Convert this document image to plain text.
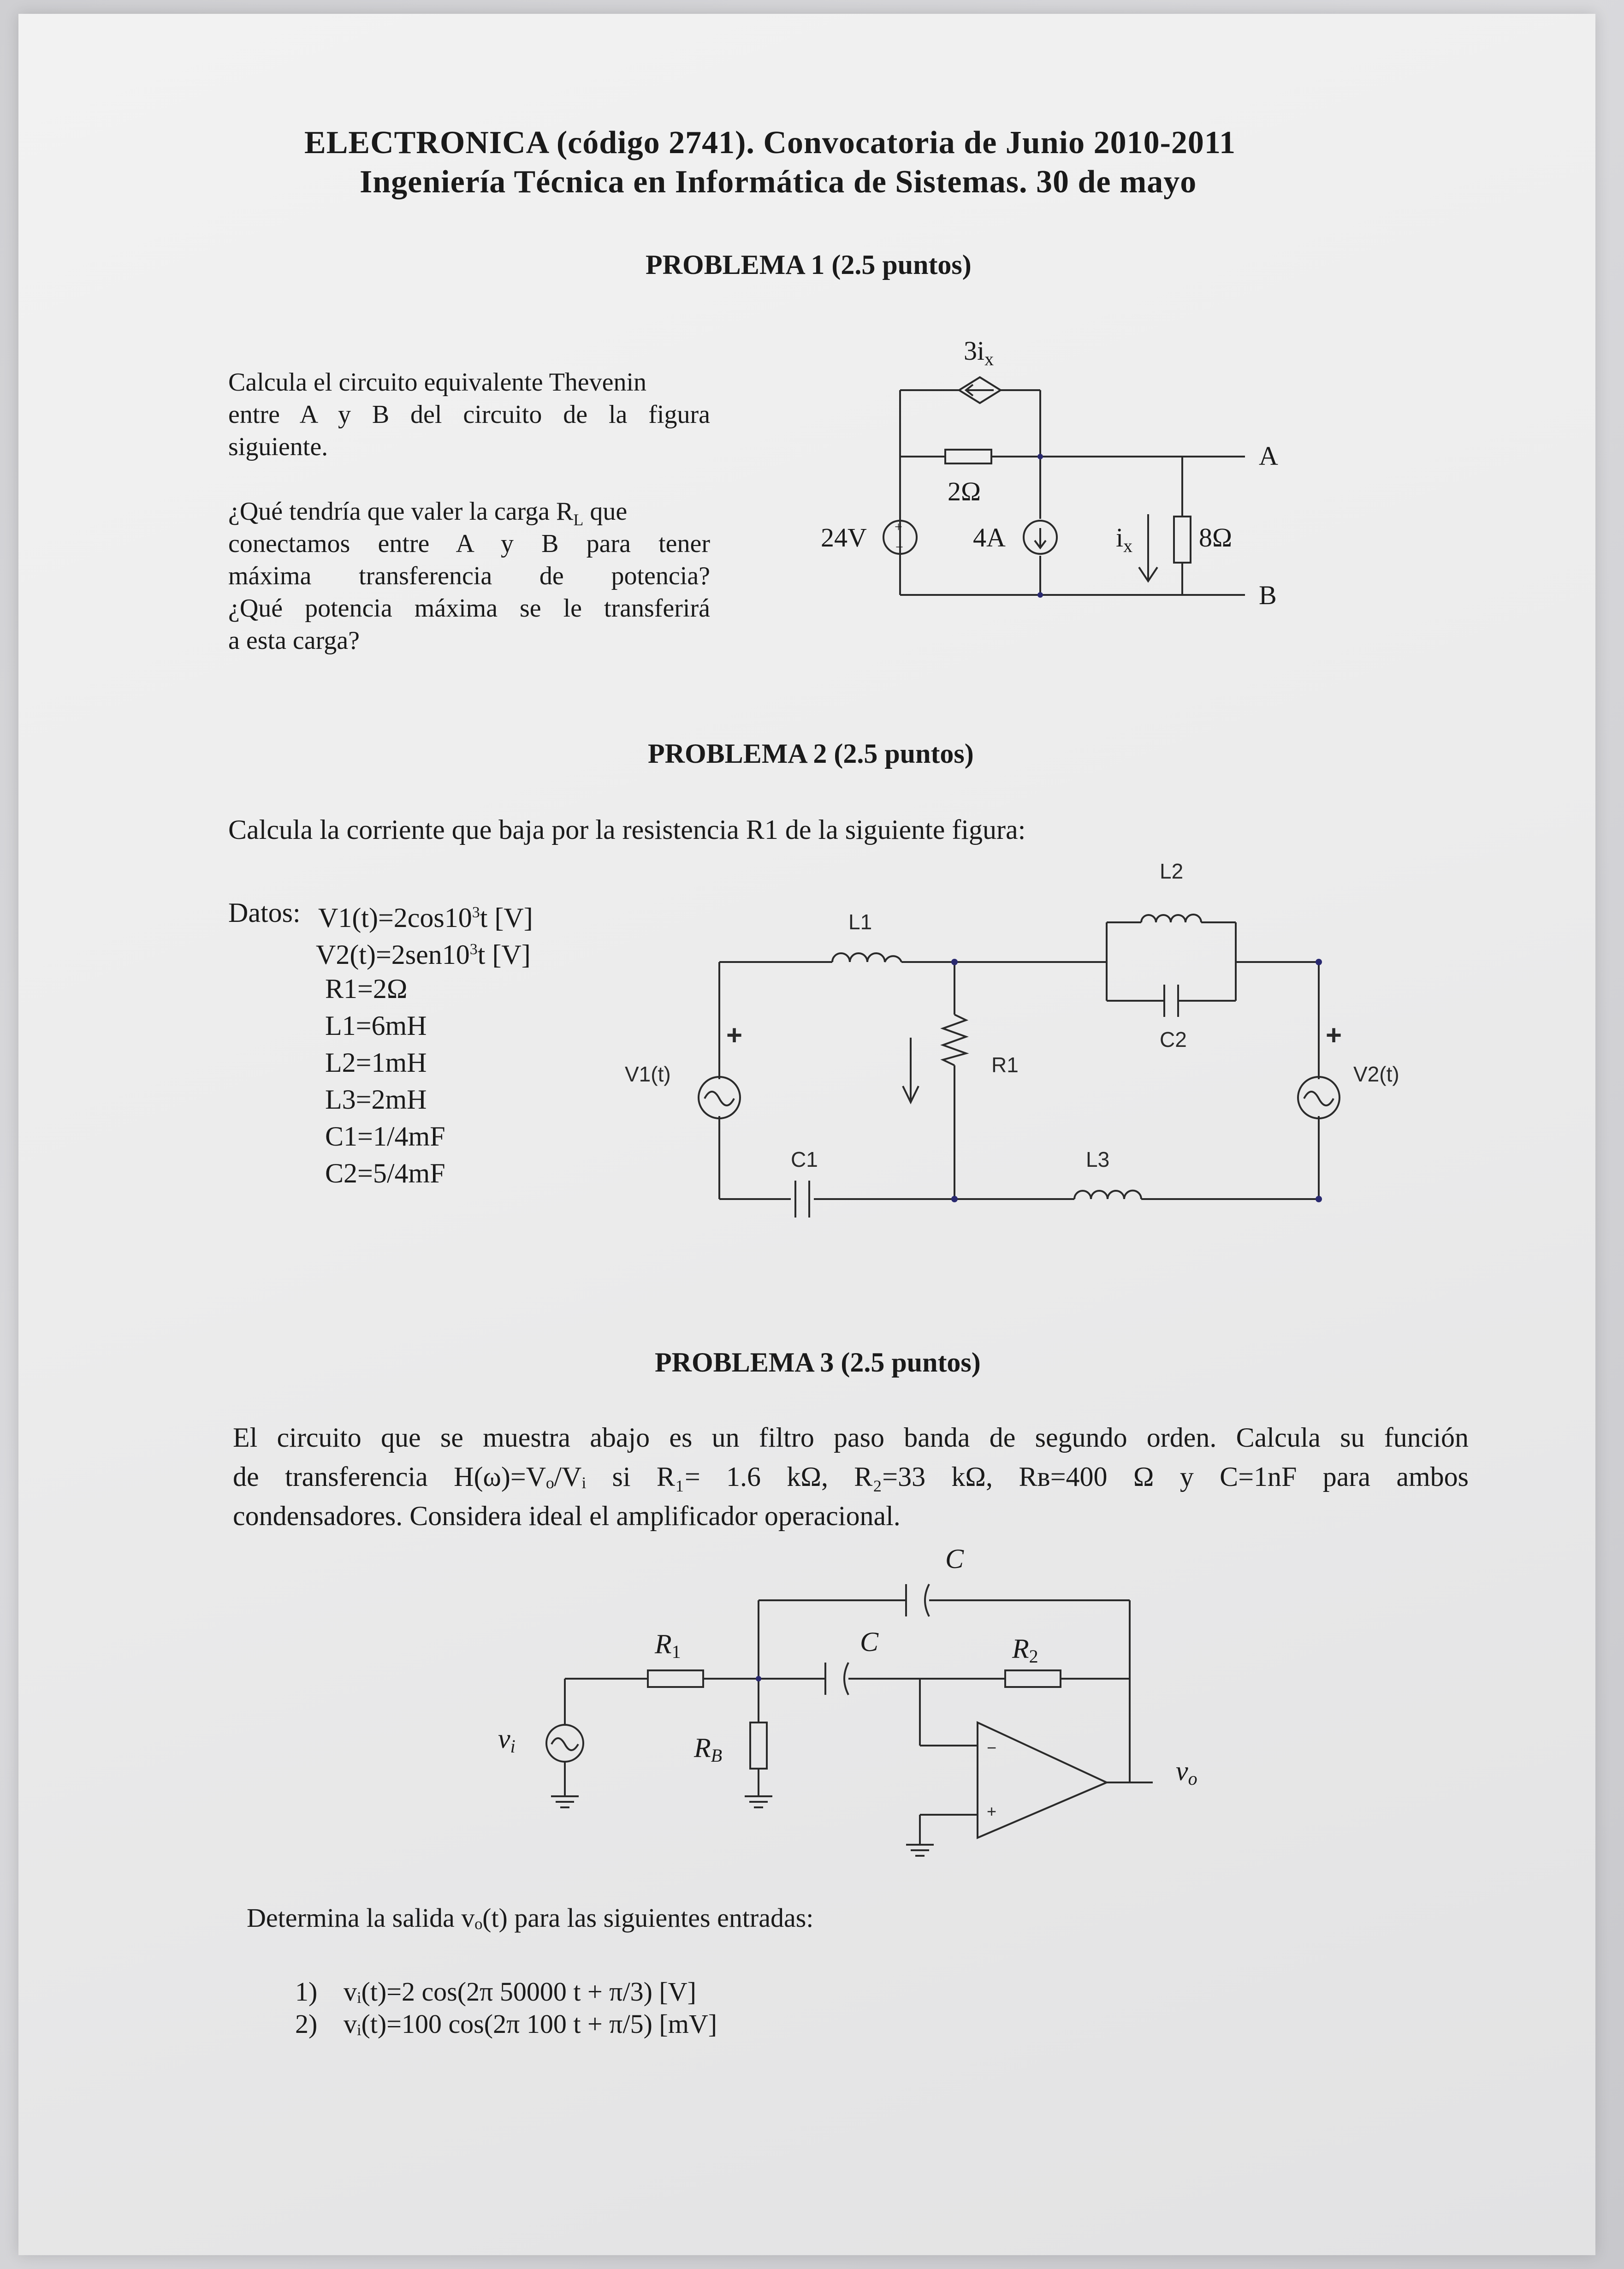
ELECTRONICA (código 2741). Convocatoria de Junio 2010-2011
Ingeniería Técnica en Informática de Sistemas. 30 de mayo
PROBLEMA 1 (2.5 puntos)
Calcula el circuito equivalente Thevenin
entre A y B del circuito de la figura
siguiente.
¿Qué tendría que valer la carga $R_L$ que
conectamos entre A y B para tener
máxima transferencia de potencia?
¿Qué potencia máxima se le transferirá
a esta carga?
$3i_x$
2Ω
24V +
−	4A	$i_x$ 8Ω
A
B
PROBLEMA 2 (2.5 puntos)
Calcula la corriente que baja por la resistencia R1 de la siguiente figura:
Datos: $V1(t)=2\cos 10^3t$ [V]
$V2(t)=2sen10^3t$ [V]
R1=2Ω
L1=6mH
L2=1mH
L3=2mH
C1=1/4mF
C2=5/4mF
L1
L2
L3
C2
C1
R1
V1(t)	V2(t)
+	+
PROBLEMA 3 (2.5 puntos)
El circuito que se muestra abajo es un filtro paso banda de segundo orden. Calcula su función
de transferencia H(ω)=Vₒ/Vᵢ si R₁= 1.6 kΩ, R₂=33 kΩ, Rʙ=400 Ω y C=1nF para ambos
condensadores. Considera ideal el amplificador operacional.
C
C
R1	R2
RB
vi
vo
−
+
Determina la salida vₒ(t) para las siguientes entradas:
1) vᵢ(t)=2 cos(2π 50000 t + π/3) [V]
2) vᵢ(t)=100 cos(2π 100 t + π/5) [mV]
